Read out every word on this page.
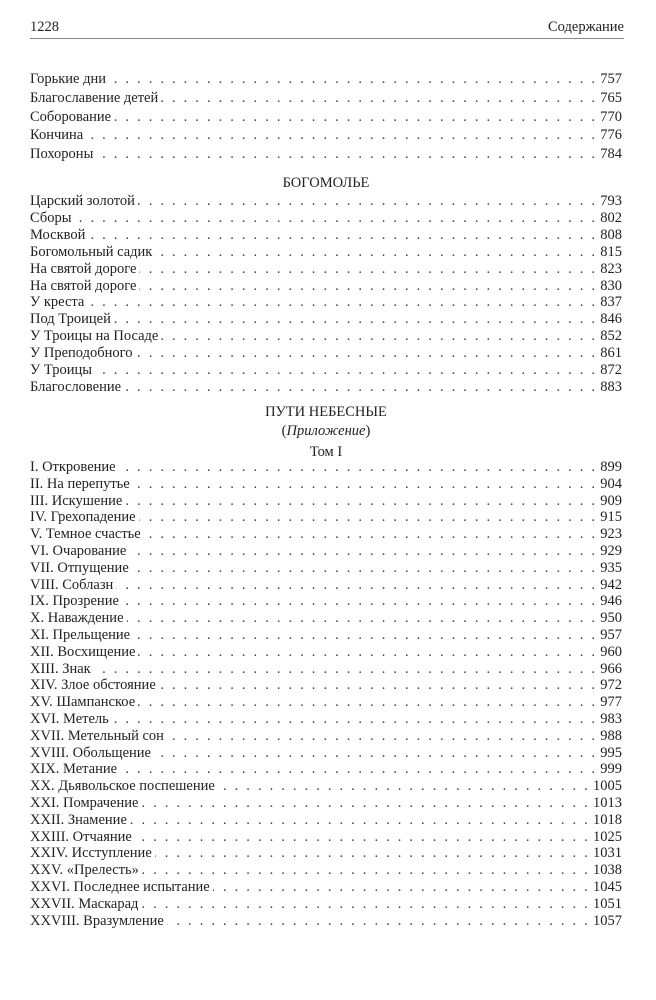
1228	Содержание
Горькие дни . . .	757
Благославение детей . . .	765
Соборование . . .	770
Кончина . . .	776
Похороны . . .	784
БОГОМОЛЬЕ
Царский золотой . . .	793
Сборы . . .	802
Москвой . . .	808
Богомольный садик . . .	815
На святой дороге . . .	823
На святой дороге . . .	830
У креста . . .	837
Под Троицей . . .	846
У Троицы на Посаде . . .	852
У Преподобного . . .	861
У Троицы . . .	872
Благословение . . .	883
ПУТИ НЕБЕСНЫЕ
(Приложение)
Том I
I. Откровение . . .	899
II. На перепутье . . .	904
III. Искушение . . .	909
IV. Грехопадение . . .	915
V. Темное счастье . . .	923
VI. Очарование . . .	929
VII. Отпущение . . .	935
VIII. Соблазн . . .	942
IX. Прозрение . . .	946
X. Наваждение . . .	950
XI. Прельщение . . .	957
XII. Восхищение . . .	960
XIII. Знак . . .	966
XIV. Злое обстояние . . .	972
XV. Шампанское . . .	977
XVI. Метель . . .	983
XVII. Метельный сон . . .	988
XVIII. Обольщение . . .	995
XIX. Метание . . .	999
XX. Дьявольское поспешение . . .	1005
XXI. Помрачение . . .	1013
XXII. Знамение . . .	1018
XXIII. Отчаяние . . .	1025
XXIV. Исступление . . .	1031
XXV. «Прелесть» . . .	1038
XXVI. Последнее испытание . . .	1045
XXVII. Маскарад . . .	1051
XXVIII. Вразумление . . .	1057
